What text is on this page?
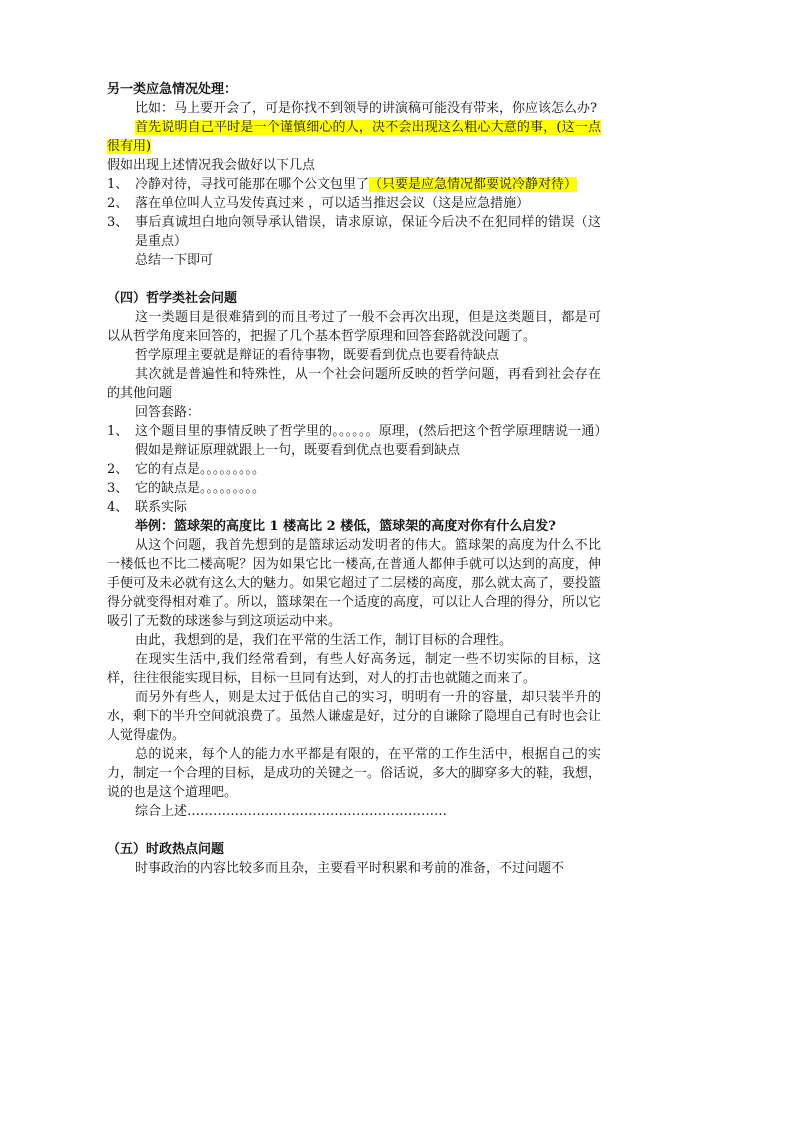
另一类应急情况处理：

比如：马上要开会了，可是你找不到领导的讲演稿可能没有带来，你应该怎么办?

首先说明自己平时是一个谨慎细心的人，决不会出现这么粗心大意的事，(这一点很有用)

假如出现上述情况我会做好以下几点

1、 冷静对待，寻找可能那在哪个公文包里了（只要是应急情况都要说冷静对待）
2、 落在单位叫人立马发传真过来 ，可以适当推迟会议（这是应急措施）
3、 事后真诚坦白地向领导承认错误，请求原谅，保证今后决不在犯同样的错误（这是重点）

总结一下即可

（四）哲学类社会问题

这一类题目是很难猜到的而且考过了一般不会再次出现，但是这类题目，都是可以从哲学角度来回答的，把握了几个基本哲学原理和回答套路就没问题了。

哲学原理主要就是辩证的看待事物，既要看到优点也要看待缺点

其次就是普遍性和特殊性，从一个社会问题所反映的哲学问题，再看到社会存在的其他问题

回答套路：

1、 这个题目里的事情反映了哲学里的。。。。。。原理，(然后把这个哲学原理瞎说一通）假如是辩证原理就跟上一句，既要看到优点也要看到缺点
2、 它的有点是。。。。。。。。。
3、 它的缺点是。。。。。。。。。
4、 联系实际

举例：篮球架的高度比 1 楼高比 2 楼低，篮球架的高度对你有什么启发?

从这个问题，我首先想到的是篮球运动发明者的伟大。篮球架的高度为什么不比一楼低也不比二楼高呢？因为如果它比一楼高,在普通人都伸手就可以达到的高度，伸手便可及未必就有这么大的魅力。如果它超过了二层楼的高度，那么就太高了，要投篮得分就变得相对难了。所以，篮球架在一个适度的高度，可以让人合理的得分，所以它吸引了无数的球迷参与到这项运动中来。

由此，我想到的是，我们在平常的生活工作，制订目标的合理性。

在现实生活中,我们经常看到，有些人好高务远，制定一些不切实际的目标，这样，往往很能实现目标，目标一旦同有达到，对人的打击也就随之而来了。

而另外有些人，则是太过于低估自己的实习，明明有一升的容量，却只装半升的水，剩下的半升空间就浪费了。虽然人谦虚是好，过分的自谦除了隐埋自己有时也会让人觉得虚伪。

总的说来，每个人的能力水平都是有限的，在平常的工作生活中，根据自己的实力，制定一个合理的目标，是成功的关键之一。俗话说，多大的脚穿多大的鞋，我想，说的也是这个道理吧。

综合上述……………………………………………………

（五）时政热点问题

时事政治的内容比较多而且杂，主要看平时积累和考前的准备，不过问题不
